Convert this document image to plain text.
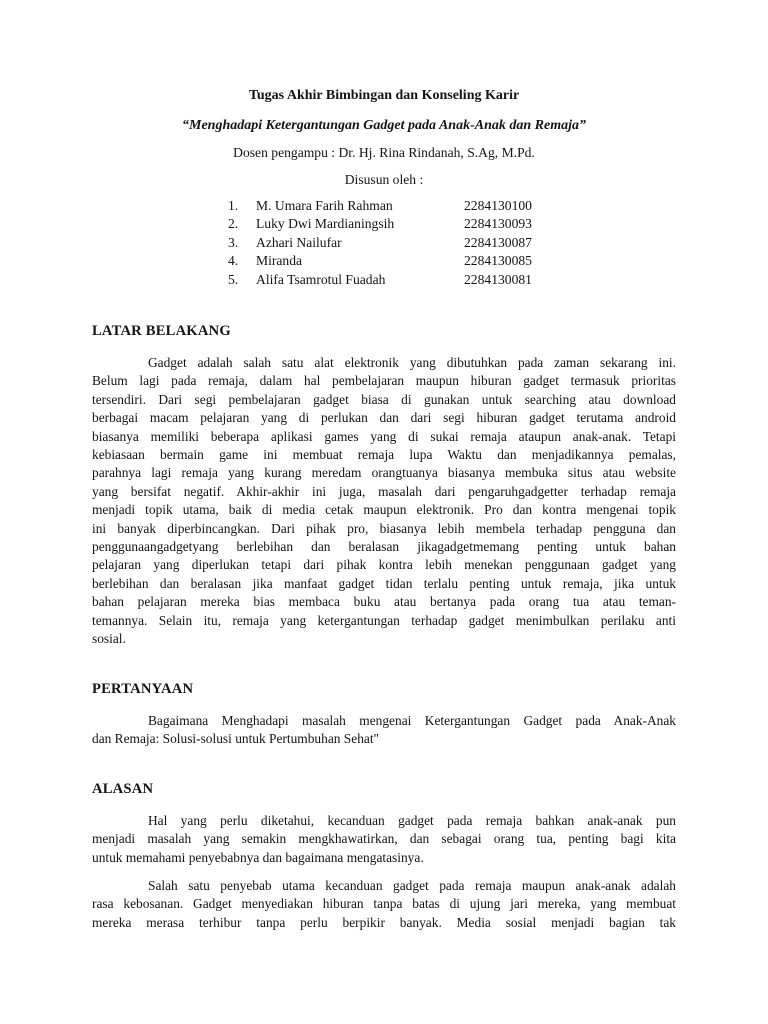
Tugas Akhir Bimbingan dan Konseling Karir
“Menghadapi Ketergantungan Gadget pada Anak-Anak dan Remaja”
Dosen pengampu : Dr. Hj. Rina Rindanah, S.Ag, M.Pd.
Disusun oleh :
1.	M. Umara Farih Rahman	2284130100
2.	Luky Dwi Mardianingsih	2284130093
3.	Azhari Nailufar	2284130087
4.	Miranda	2284130085
5.	Alifa Tsamrotul Fuadah	2284130081
LATAR BELAKANG
Gadget adalah salah satu alat elektronik yang dibutuhkan pada zaman sekarang ini.
Belum lagi pada remaja, dalam hal pembelajaran maupun hiburan gadget termasuk prioritas
tersendiri. Dari segi pembelajaran gadget biasa di gunakan untuk searching atau download
berbagai macam pelajaran yang di perlukan dan dari segi hiburan gadget terutama android
biasanya memiliki beberapa aplikasi games yang di sukai remaja ataupun anak-anak. Tetapi
kebiasaan bermain game ini membuat remaja lupa Waktu dan menjadikannya pemalas,
parahnya lagi remaja yang kurang meredam orangtuanya biasanya membuka situs atau website
yang bersifat negatif. Akhir-akhir ini juga, masalah dari pengaruhgadgetter terhadap remaja
menjadi topik utama, baik di media cetak maupun elektronik. Pro dan kontra mengenai topik
ini banyak diperbincangkan. Dari pihak pro, biasanya lebih membela terhadap pengguna dan
penggunaangadgetyang berlebihan dan beralasan jikagadgetmemang penting untuk bahan
pelajaran yang diperlukan tetapi dari pihak kontra lebih menekan penggunaan gadget yang
berlebihan dan beralasan jika manfaat gadget tidan terlalu penting untuk remaja, jika untuk
bahan pelajaran mereka bias membaca buku atau bertanya pada orang tua atau teman-
temannya. Selain itu, remaja yang ketergantungan terhadap gadget menimbulkan perilaku anti
sosial.
PERTANYAAN
Bagaimana Menghadapi masalah mengenai Ketergantungan Gadget pada Anak-Anak
dan Remaja: Solusi-solusi untuk Pertumbuhan Sehat"
ALASAN
Hal yang perlu diketahui, kecanduan gadget pada remaja bahkan anak-anak pun
menjadi masalah yang semakin mengkhawatirkan, dan sebagai orang tua, penting bagi kita
untuk memahami penyebabnya dan bagaimana mengatasinya.
Salah satu penyebab utama kecanduan gadget pada remaja maupun anak-anak adalah
rasa kebosanan. Gadget menyediakan hiburan tanpa batas di ujung jari mereka, yang membuat
mereka merasa terhibur tanpa perlu berpikir banyak. Media sosial menjadi bagian tak
